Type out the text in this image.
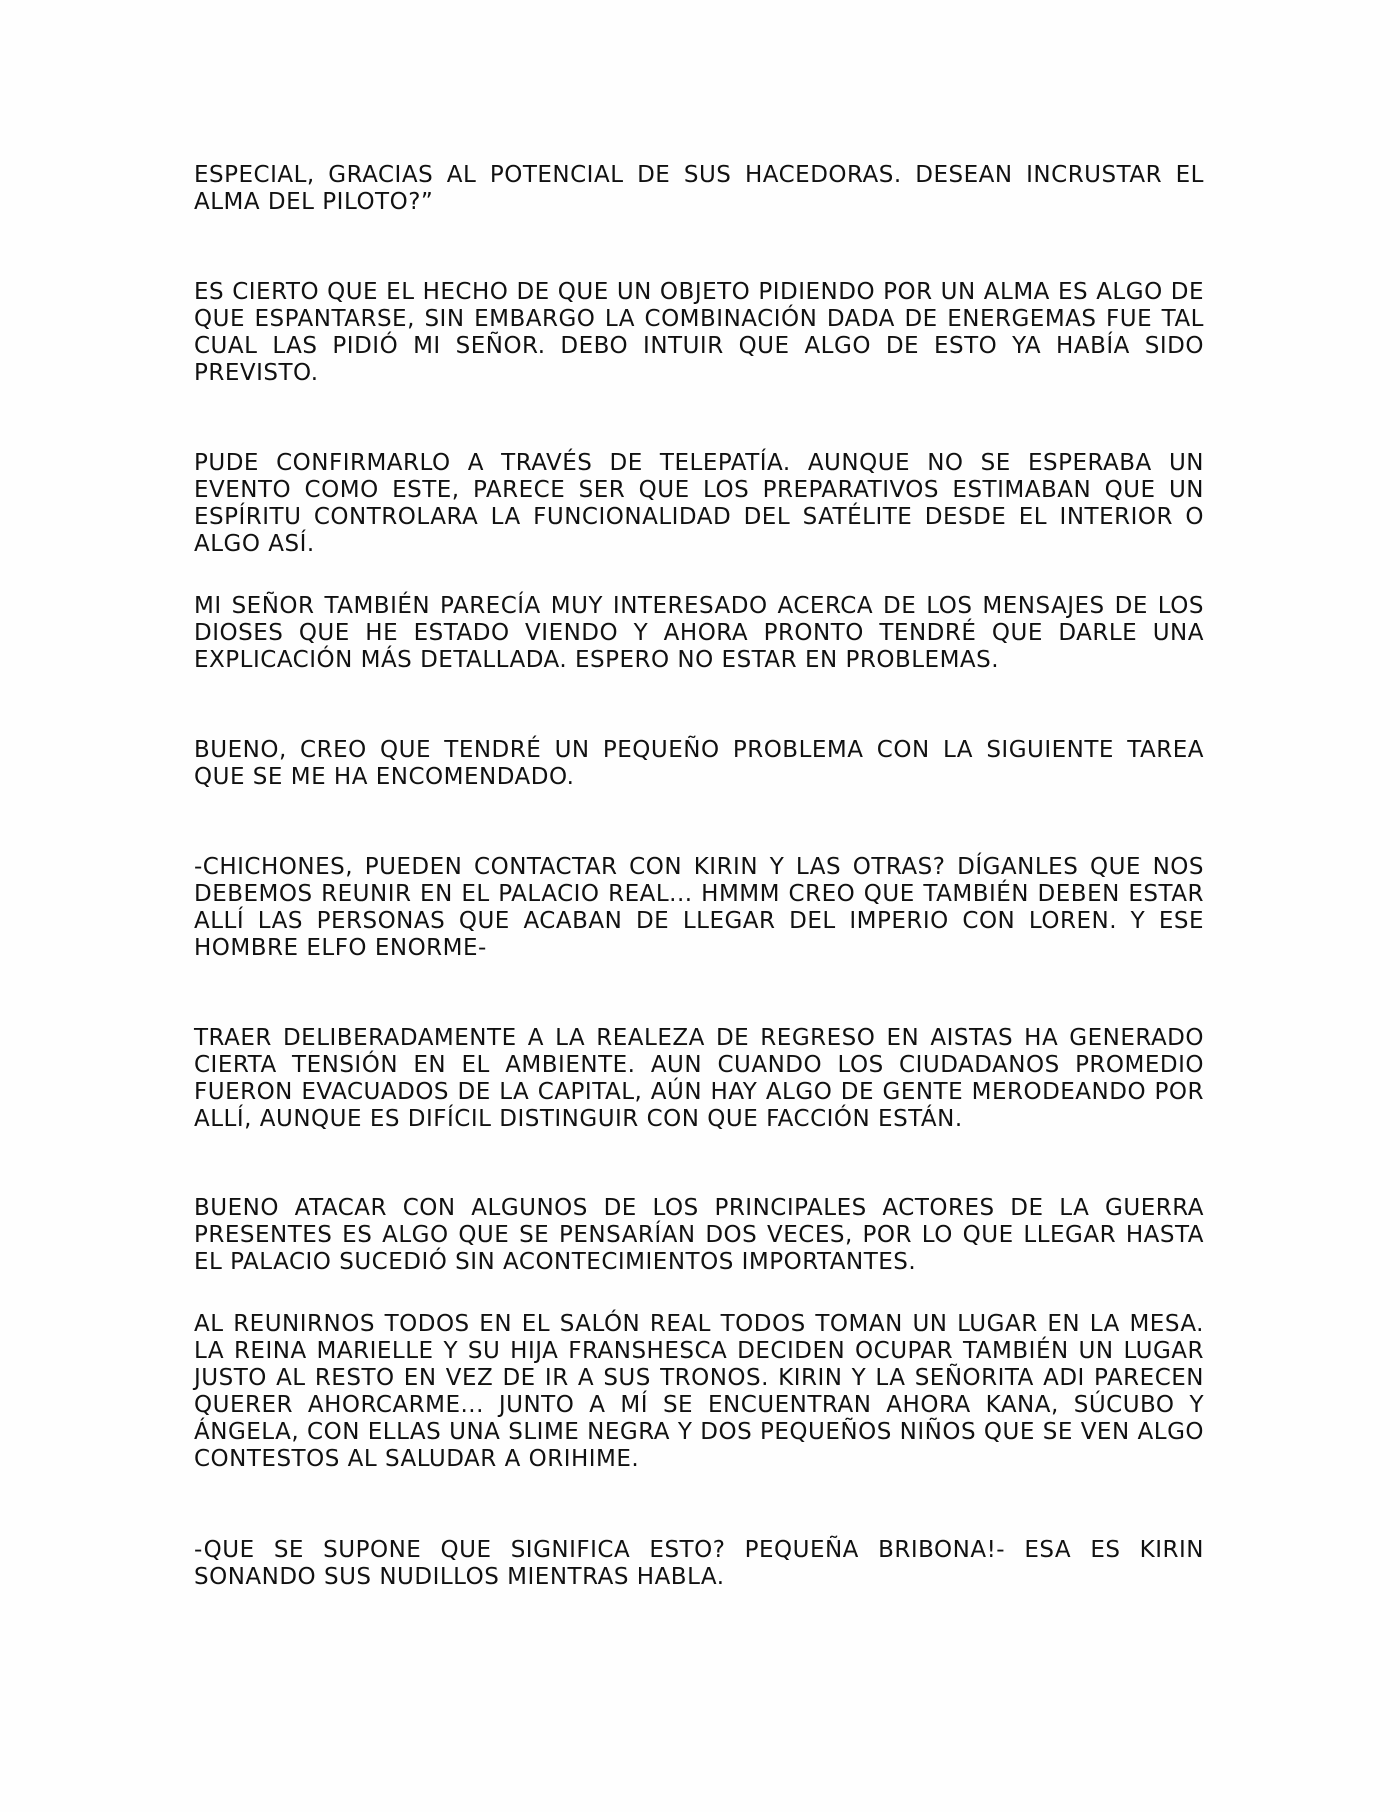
ESPECIAL, GRACIAS AL POTENCIAL DE SUS HACEDORAS. DESEAN INCRUSTAR EL ALMA DEL PILOTO?”

ES CIERTO QUE EL HECHO DE QUE UN OBJETO PIDIENDO POR UN ALMA ES ALGO DE QUE ESPANTARSE, SIN EMBARGO LA COMBINACIÓN DADA DE ENERGEMAS FUE TAL CUAL LAS PIDIÓ MI SEÑOR. DEBO INTUIR QUE ALGO DE ESTO YA HABÍA SIDO PREVISTO.

PUDE CONFIRMARLO A TRAVÉS DE TELEPATÍA. AUNQUE NO SE ESPERABA UN EVENTO COMO ESTE, PARECE SER QUE LOS PREPARATIVOS ESTIMABAN QUE UN ESPÍRITU CONTROLARA LA FUNCIONALIDAD DEL SATÉLITE DESDE EL INTERIOR O ALGO ASÍ.

MI SEÑOR TAMBIÉN PARECÍA MUY INTERESADO ACERCA DE LOS MENSAJES DE LOS DIOSES QUE HE ESTADO VIENDO Y AHORA PRONTO TENDRÉ QUE DARLE UNA EXPLICACIÓN MÁS DETALLADA. ESPERO NO ESTAR EN PROBLEMAS.

BUENO, CREO QUE TENDRÉ UN PEQUEÑO PROBLEMA CON LA SIGUIENTE TAREA QUE SE ME HA ENCOMENDADO.

-CHICHONES, PUEDEN CONTACTAR CON KIRIN Y LAS OTRAS? DÍGANLES QUE NOS DEBEMOS REUNIR EN EL PALACIO REAL... HMMM CREO QUE TAMBIÉN DEBEN ESTAR ALLÍ LAS PERSONAS QUE ACABAN DE LLEGAR DEL IMPERIO CON LOREN. Y ESE HOMBRE ELFO ENORME-

TRAER DELIBERADAMENTE A LA REALEZA DE REGRESO EN AISTAS HA GENERADO CIERTA TENSIÓN EN EL AMBIENTE. AUN CUANDO LOS CIUDADANOS PROMEDIO FUERON EVACUADOS DE LA CAPITAL, AÚN HAY ALGO DE GENTE MERODEANDO POR ALLÍ, AUNQUE ES DIFÍCIL DISTINGUIR CON QUE FACCIÓN ESTÁN.

BUENO ATACAR CON ALGUNOS DE LOS PRINCIPALES ACTORES DE LA GUERRA PRESENTES ES ALGO QUE SE PENSARÍAN DOS VECES, POR LO QUE LLEGAR HASTA EL PALACIO SUCEDIÓ SIN ACONTECIMIENTOS IMPORTANTES.

AL REUNIRNOS TODOS EN EL SALÓN REAL TODOS TOMAN UN LUGAR EN LA MESA. LA REINA MARIELLE Y SU HIJA FRANSHESCA DECIDEN OCUPAR TAMBIÉN UN LUGAR JUSTO AL RESTO EN VEZ DE IR A SUS TRONOS. KIRIN Y LA SEÑORITA ADI PARECEN QUERER AHORCARME... JUNTO A MÍ SE ENCUENTRAN AHORA KANA, SÚCUBO Y ÁNGELA, CON ELLAS UNA SLIME NEGRA Y DOS PEQUEÑOS NIÑOS QUE SE VEN ALGO CONTESTOS AL SALUDAR A ORIHIME.

-QUE SE SUPONE QUE SIGNIFICA ESTO? PEQUEÑA BRIBONA!- ESA ES KIRIN SONANDO SUS NUDILLOS MIENTRAS HABLA.
